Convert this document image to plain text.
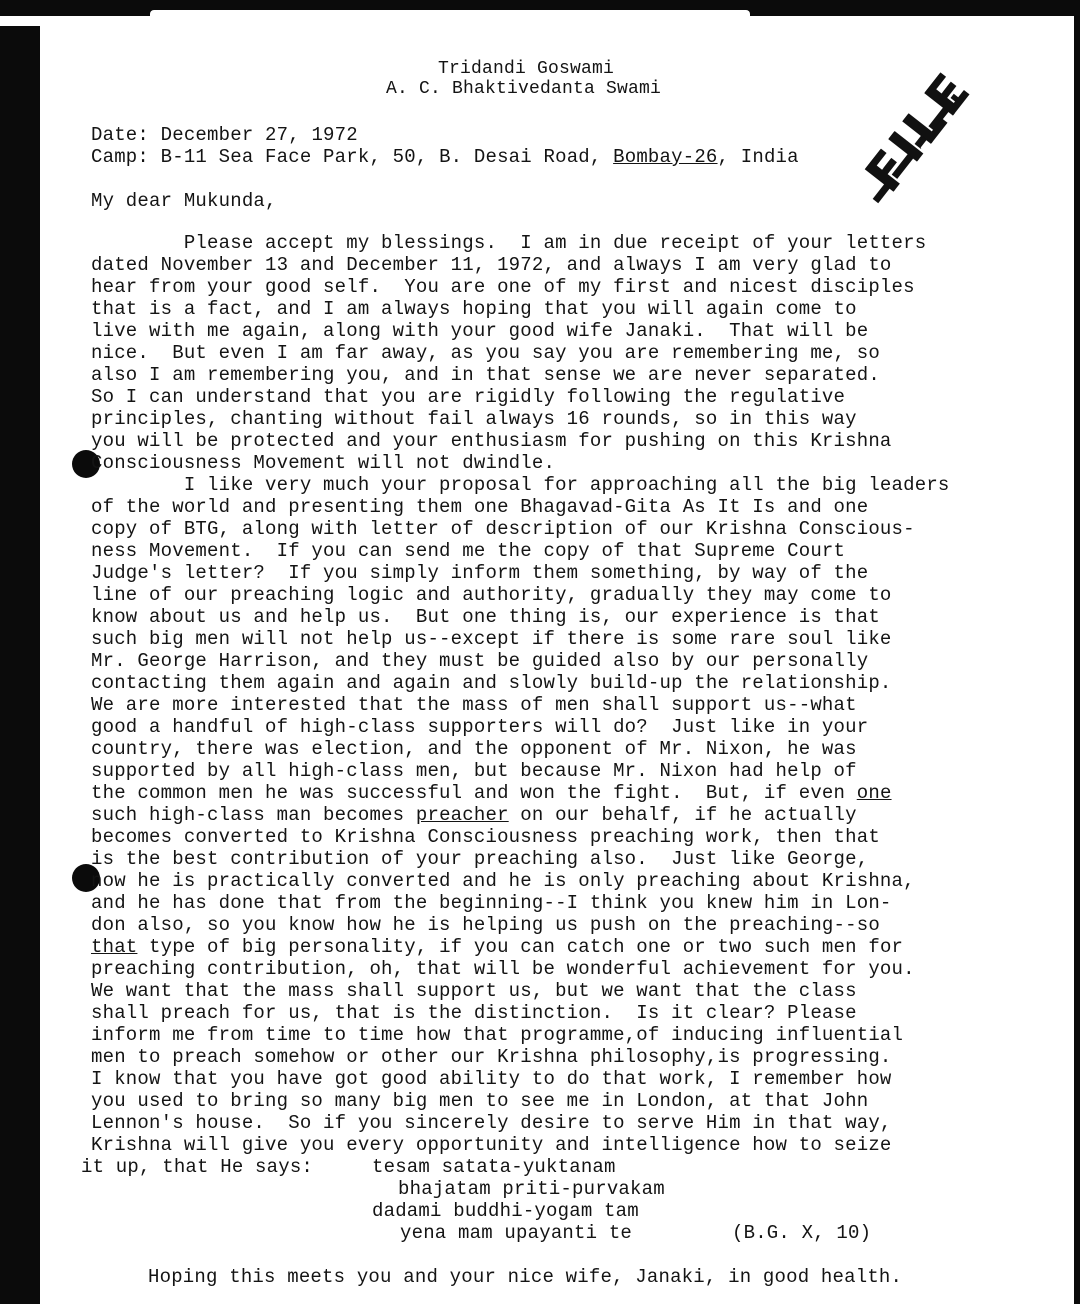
FILE
Tridandi Goswami
A. C. Bhaktivedanta Swami
Date: December 27, 1972
Camp: B-11 Sea Face Park, 50, B. Desai Road, Bombay-26, India
My dear Mukunda,
Please accept my blessings.  I am in due receipt of your letters
dated November 13 and December 11, 1972, and always I am very glad to
hear from your good self.  You are one of my first and nicest disciples
that is a fact, and I am always hoping that you will again come to
live with me again, along with your good wife Janaki.  That will be
nice.  But even I am far away, as you say you are remembering me, so
also I am remembering you, and in that sense we are never separated.
So I can understand that you are rigidly following the regulative
principles, chanting without fail always 16 rounds, so in this way
you will be protected and your enthusiasm for pushing on this Krishna
Consciousness Movement will not dwindle.
I like very much your proposal for approaching all the big leaders
of the world and presenting them one Bhagavad-Gita As It Is and one
copy of BTG, along with letter of description of our Krishna Conscious-
ness Movement.  If you can send me the copy of that Supreme Court
Judge's letter?  If you simply inform them something, by way of the
line of our preaching logic and authority, gradually they may come to
know about us and help us.  But one thing is, our experience is that
such big men will not help us--except if there is some rare soul like
Mr. George Harrison, and they must be guided also by our personally
contacting them again and again and slowly build-up the relationship.
We are more interested that the mass of men shall support us--what
good a handful of high-class supporters will do?  Just like in your
country, there was election, and the opponent of Mr. Nixon, he was
supported by all high-class men, but because Mr. Nixon had help of
the common men he was successful and won the fight.  But, if even one
such high-class man becomes preacher on our behalf, if he actually
becomes converted to Krishna Consciousness preaching work, then that
is the best contribution of your preaching also.  Just like George,
now he is practically converted and he is only preaching about Krishna,
and he has done that from the beginning--I think you knew him in Lon-
don also, so you know how he is helping us push on the preaching--so
that type of big personality, if you can catch one or two such men for
preaching contribution, oh, that will be wonderful achievement for you.
We want that the mass shall support us, but we want that the class
shall preach for us, that is the distinction.  Is it clear? Please
inform me from time to time how that programme,of inducing influential
men to preach somehow or other our Krishna philosophy,is progressing.
I know that you have got good ability to do that work, I remember how
you used to bring so many big men to see me in London, at that John
Lennon's house.  So if you sincerely desire to serve Him in that way,
Krishna will give you every opportunity and intelligence how to seize
it up, that He says:	tesam satata-yuktanam
bhajatam priti-purvakam
dadami buddhi-yogam tam
yena mam upayanti te	(B.G. X, 10)
Hoping this meets you and your nice wife, Janaki, in good health.
